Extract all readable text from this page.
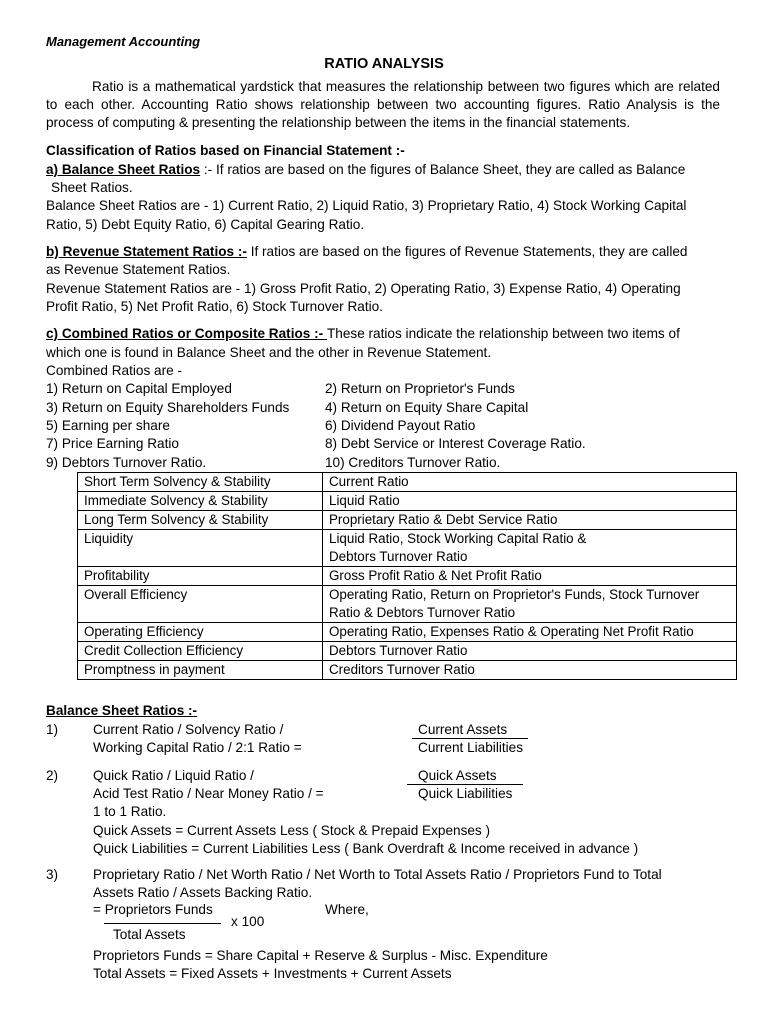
Management Accounting
RATIO ANALYSIS
Ratio is a mathematical yardstick that measures the relationship between two figures which are related to each other. Accounting Ratio shows relationship between two accounting figures. Ratio Analysis is the process of computing & presenting the relationship between the items in the financial statements.
Classification of Ratios based on Financial Statement :-
a) Balance Sheet Ratios :- If ratios are based on the figures of Balance Sheet, they are called as Balance
Sheet Ratios.
Balance Sheet Ratios are - 1) Current Ratio, 2) Liquid Ratio, 3) Proprietary Ratio, 4) Stock Working Capital
Ratio, 5) Debt Equity Ratio, 6) Capital Gearing Ratio.
b) Revenue Statement Ratios :- If ratios are based on the figures of Revenue Statements, they are called
as Revenue Statement Ratios.
Revenue Statement Ratios are - 1) Gross Profit Ratio, 2) Operating Ratio, 3) Expense Ratio, 4) Operating
Profit Ratio, 5) Net Profit Ratio, 6) Stock Turnover Ratio.
c) Combined Ratios or Composite Ratios :- These ratios indicate the relationship between two items of
which one is found in Balance Sheet and the other in Revenue Statement.
Combined Ratios are -
1) Return on Capital Employed	2) Return on Proprietor's Funds
3) Return on Equity Shareholders Funds	4) Return on Equity Share Capital
5) Earning per share	6) Dividend Payout Ratio
7) Price Earning Ratio	8) Debt Service or Interest Coverage Ratio.
9) Debtors Turnover Ratio.	10) Creditors Turnover Ratio.
Short Term Solvency & Stability	Current Ratio
Immediate Solvency & Stability	Liquid Ratio
Long Term Solvency & Stability	Proprietary Ratio & Debt Service Ratio
Liquidity	Liquid Ratio, Stock Working Capital Ratio &
Debtors Turnover Ratio
Profitability	Gross Profit Ratio & Net Profit Ratio
Overall Efficiency	Operating Ratio, Return on Proprietor's Funds, Stock Turnover
Ratio & Debtors Turnover Ratio
Operating Efficiency	Operating Ratio, Expenses Ratio & Operating Net Profit Ratio
Credit Collection Efficiency	Debtors Turnover Ratio
Promptness in payment	Creditors Turnover Ratio
Balance Sheet Ratios :-
1)	Current Ratio / Solvency Ratio /
Working Capital Ratio / 2:1 Ratio =
Current Assets
Current Liabilities
2)	Quick Ratio / Liquid Ratio /
Acid Test Ratio / Near Money Ratio / =
1 to 1 Ratio.
Quick Assets
Quick Liabilities
Quick Assets = Current Assets Less ( Stock & Prepaid Expenses )
Quick Liabilities = Current Liabilities Less ( Bank Overdraft & Income received in advance )
3)	Proprietary Ratio / Net Worth Ratio / Net Worth to Total Assets Ratio / Proprietors Fund to Total
Assets Ratio / Assets Backing Ratio.
= Proprietors Funds
Total Assets
x 100
Where,
Proprietors Funds = Share Capital + Reserve & Surplus - Misc. Expenditure
Total Assets = Fixed Assets + Investments + Current Assets
